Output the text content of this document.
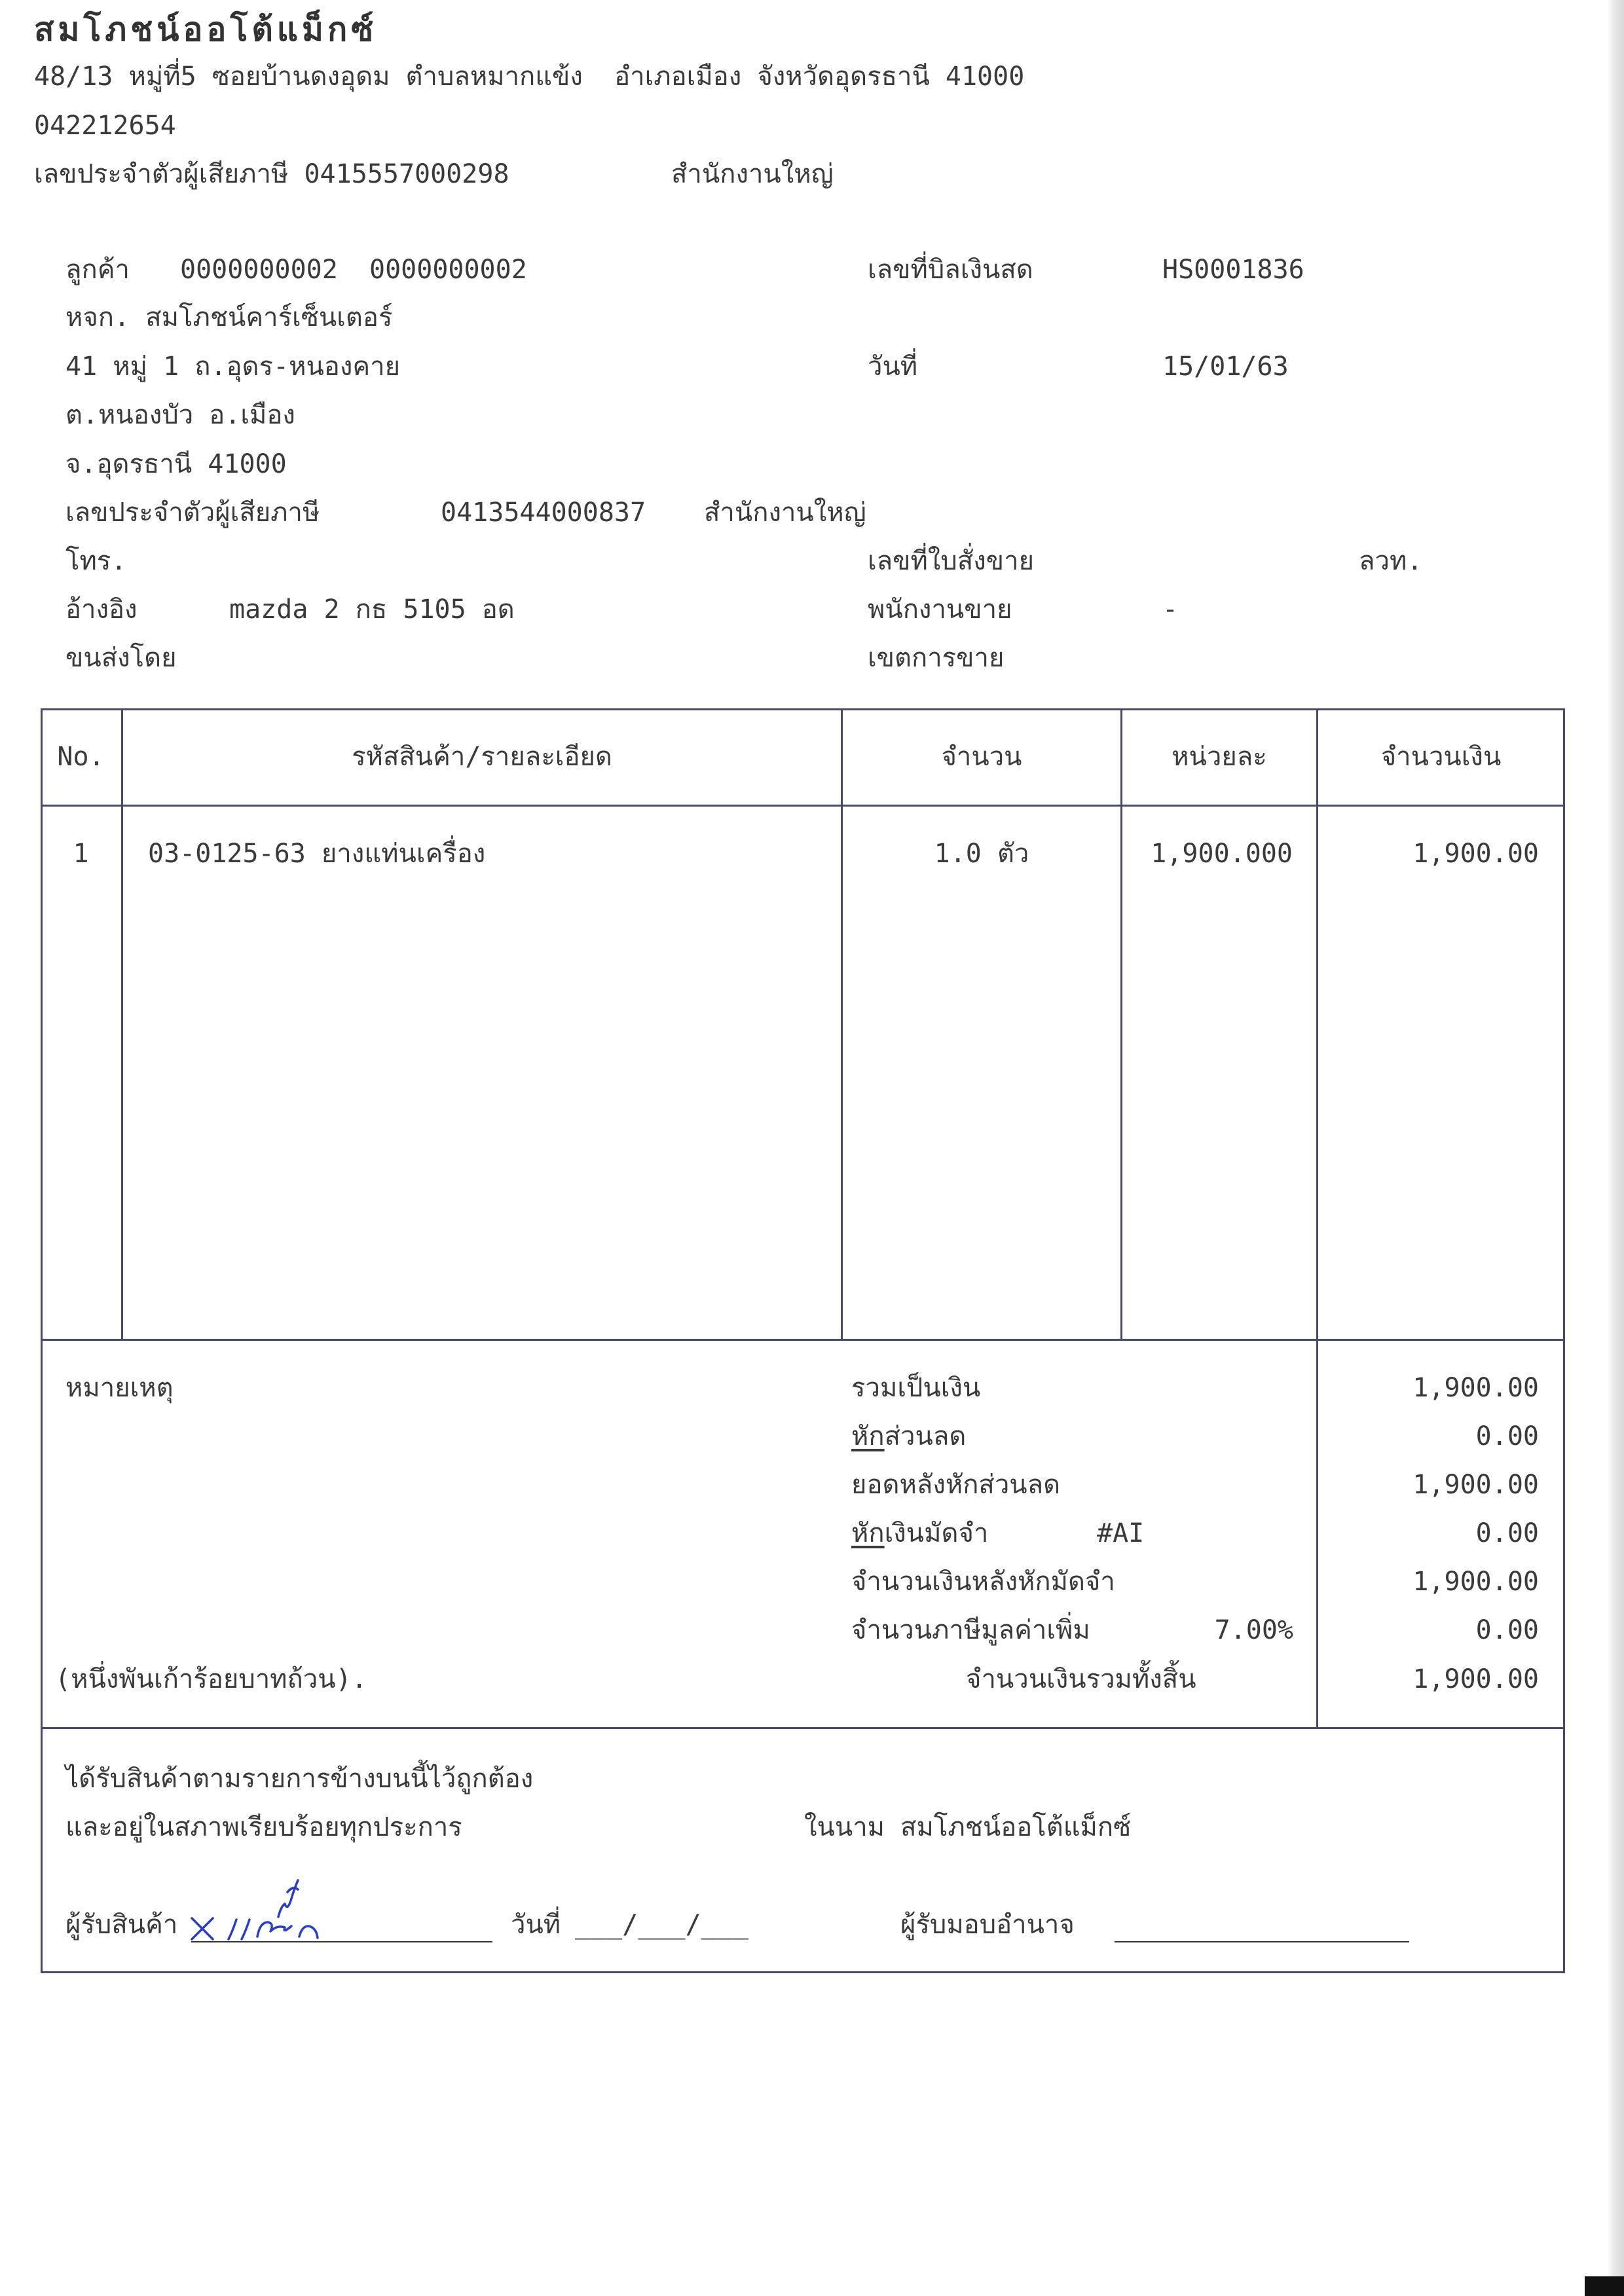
สมโภชน์ออโต้แม็กซ์
48/13 หมู่ที่5 ซอยบ้านดงอุดม ตำบลหมากแข้ง  อำเภอเมือง จังหวัดอุดรธานี 41000
042212654
เลขประจำตัวผู้เสียภาษี 0415557000298	สำนักงานใหญ่
ลูกค้า 0000000002  0000000002
หจก. สมโภชน์คาร์เซ็นเตอร์
41 หมู่ 1 ถ.อุดร-หนองคาย
ต.หนองบัว อ.เมือง
จ.อุดรธานี 41000
เลขประจำตัวผู้เสียภาษี	0413544000837 สำนักงานใหญ่
โทร.
อ้างอิง	mazda 2 กธ 5105 อด
ขนส่งโดย
เลขที่บิลเงินสด	HS0001836
วันที่	15/01/63
เลขที่ใบสั่งขาย	ลวท.
พนักงานขาย	-
เขตการขาย
No.	รหัสสินค้า/รายละเอียด	จำนวน	หน่วยละ	จำนวนเงิน
1	03-0125-63 ยางแท่นเครื่อง	1.0 ตัว	1,900.000	1,900.00
หมายเหตุ	รวมเป็นเงิน	1,900.00
หักส่วนลด	0.00
ยอดหลังหักส่วนลด	1,900.00
หักเงินมัดจำ	#AI	0.00
จำนวนเงินหลังหักมัดจำ	1,900.00
จำนวนภาษีมูลค่าเพิ่ม	7.00%	0.00
(หนึ่งพันเก้าร้อยบาทถ้วน).	จำนวนเงินรวมทั้งสิ้น	1,900.00
ได้รับสินค้าตามรายการข้างบนนี้ไว้ถูกต้อง
และอยู่ในสภาพเรียบร้อยทุกประการ	ในนาม สมโภชน์ออโต้แม็กซ์
ผู้รับสินค้า	วันที่ ___/___/___	ผู้รับมอบอำนาจ
